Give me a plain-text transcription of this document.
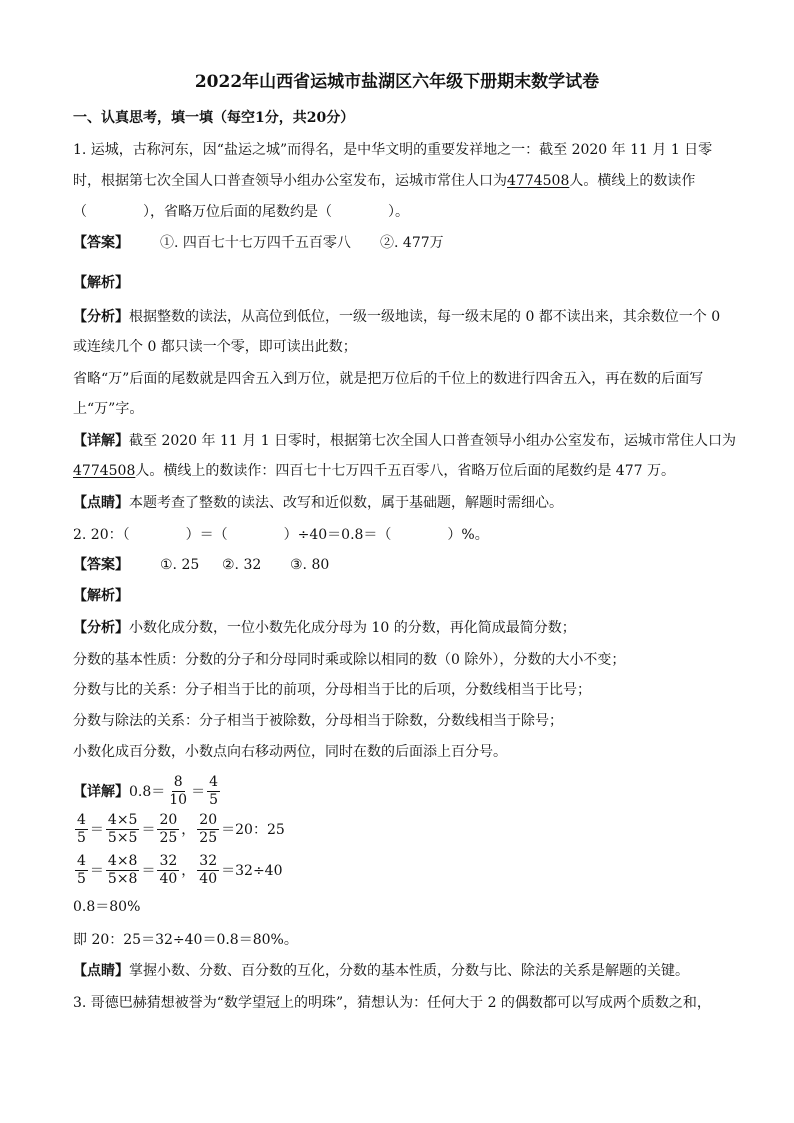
2022年山西省运城市盐湖区六年级下册期末数学试卷
一、认真思考，填一填（每空1分，共20分）
1. 运城，古称河东，因“盐运之城”而得名，是中华文明的重要发祥地之一：截至 2020 年 11 月 1 日零
时，根据第七次全国人口普查领导小组办公室发布，运城市常住人口为4774508人。横线上的数读作
（　　　　），省略万位后面的尾数约是（　　　　）。
【答案】 ①. 四百七十七万四千五百零八 ②. 477万
【解析】
【分析】根据整数的读法，从高位到低位，一级一级地读，每一级末尾的 0 都不读出来，其余数位一个 0
或连续几个 0 都只读一个零，即可读出此数；
省略“万”后面的尾数就是四舍五入到万位，就是把万位后的千位上的数进行四舍五入，再在数的后面写
上“万”字。
【详解】截至 2020 年 11 月 1 日零时，根据第七次全国人口普查领导小组办公室发布，运城市常住人口为
4774508人。横线上的数读作：四百七十七万四千五百零八，省略万位后面的尾数约是 477 万。
【点睛】本题考查了整数的读法、改写和近似数，属于基础题，解题时需细心。
2. 20：（　　　　）＝（　　　　）÷40＝0.8＝（　　　　）%。
【答案】 ①. 25 ②. 32 ③. 80
【解析】
【分析】小数化成分数，一位小数先化成分母为 10 的分数，再化简成最简分数；
分数的基本性质：分数的分子和分母同时乘或除以相同的数（0 除外），分数的大小不变；
分数与比的关系：分子相当于比的前项，分母相当于比的后项，分数线相当于比号；
分数与除法的关系：分子相当于被除数，分母相当于除数，分数线相当于除号；
小数化成百分数，小数点向右移动两位，同时在数的后面添上百分号。
【详解】 $0.8= \frac{8}{10} = \frac{4}{5}$
$\frac{4}{5} = \frac{4\times 5}{5\times 5} = \frac{20}{25}$ ， $\frac{20}{25} =20$：25
$\frac{4}{5} = \frac{4\times 8}{5\times 8} = \frac{32}{40}$ ， $\frac{32}{40} =32\div 40$
0.8＝80%
即 20：25＝32÷40＝0.8＝80%。
【点睛】掌握小数、分数、百分数的互化，分数的基本性质，分数与比、除法的关系是解题的关键。
3. 哥德巴赫猜想被誉为“数学望冠上的明珠”，猜想认为：任何大于 2 的偶数都可以写成两个质数之和，
